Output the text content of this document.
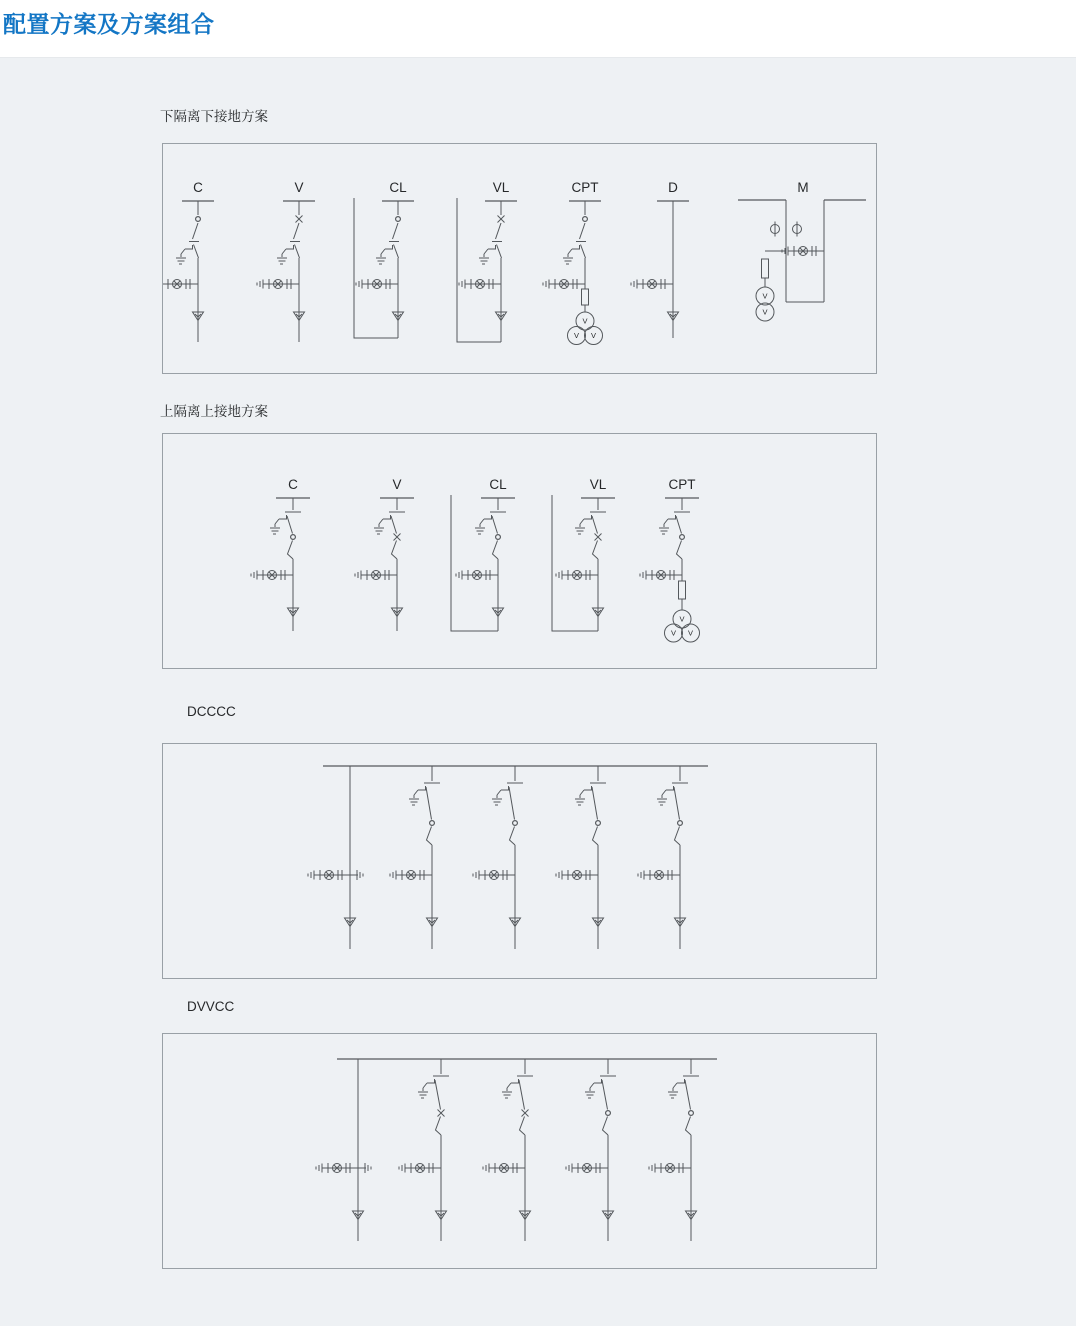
配置方案及方案组合
下隔离下接地方案
C	V	CL	VL	CPT
V
V V
D	M
V
V
上隔离上接地方案
C	V	CL	VL	CPT
V
V V
DCCCC
DVVCC
